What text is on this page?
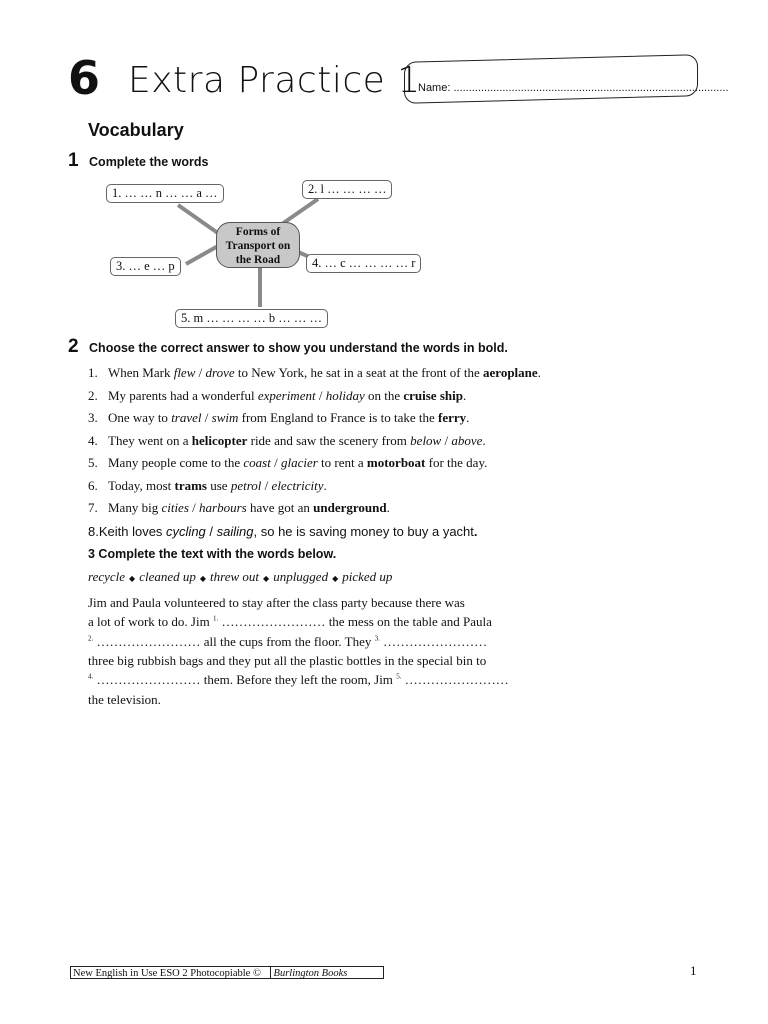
6 Extra Practice 1
Name: ..........................................................................................
Vocabulary
1 Complete the words
Forms of
Transport on
the Road
1. … … n … … a …	2. l … … … …
3. … e … p	4. … c … … … … r
5. m … … … … b … … …
2 Choose the correct answer to show you understand the words in bold.
1. When Mark flew / drove to New York, he sat in a seat at the front of the aeroplane.
2. My parents had a wonderful experiment / holiday on the cruise ship.
3. One way to travel / swim from England to France is to take the ferry.
4. They went on a helicopter ride and saw the scenery from below / above.
5. Many people come to the coast / glacier to rent a motorboat for the day.
6. Today, most trams use petrol / electricity.
7. Many big cities / harbours have got an underground.
8.Keith loves cycling / sailing, so he is saving money to buy a yacht.
3 Complete the text with the words below.
recycle ◆ cleaned up ◆ threw out ◆ unplugged ◆ picked up
Jim and Paula volunteered to stay after the class party because there was
a lot of work to do. Jim $^{1.}$ …………………… the mess on the table and Paula
$^{2.}$ …………………… all the cups from the floor. They $^{3.}$ ……………………
three big rubbish bags and they put all the plastic bottles in the special bin to
$^{4.}$ …………………… them. Before they left the room, Jim $^{5.}$ ……………………
the television.
New English in Use ESO 2 Photocopiable © Burlington Books	1
